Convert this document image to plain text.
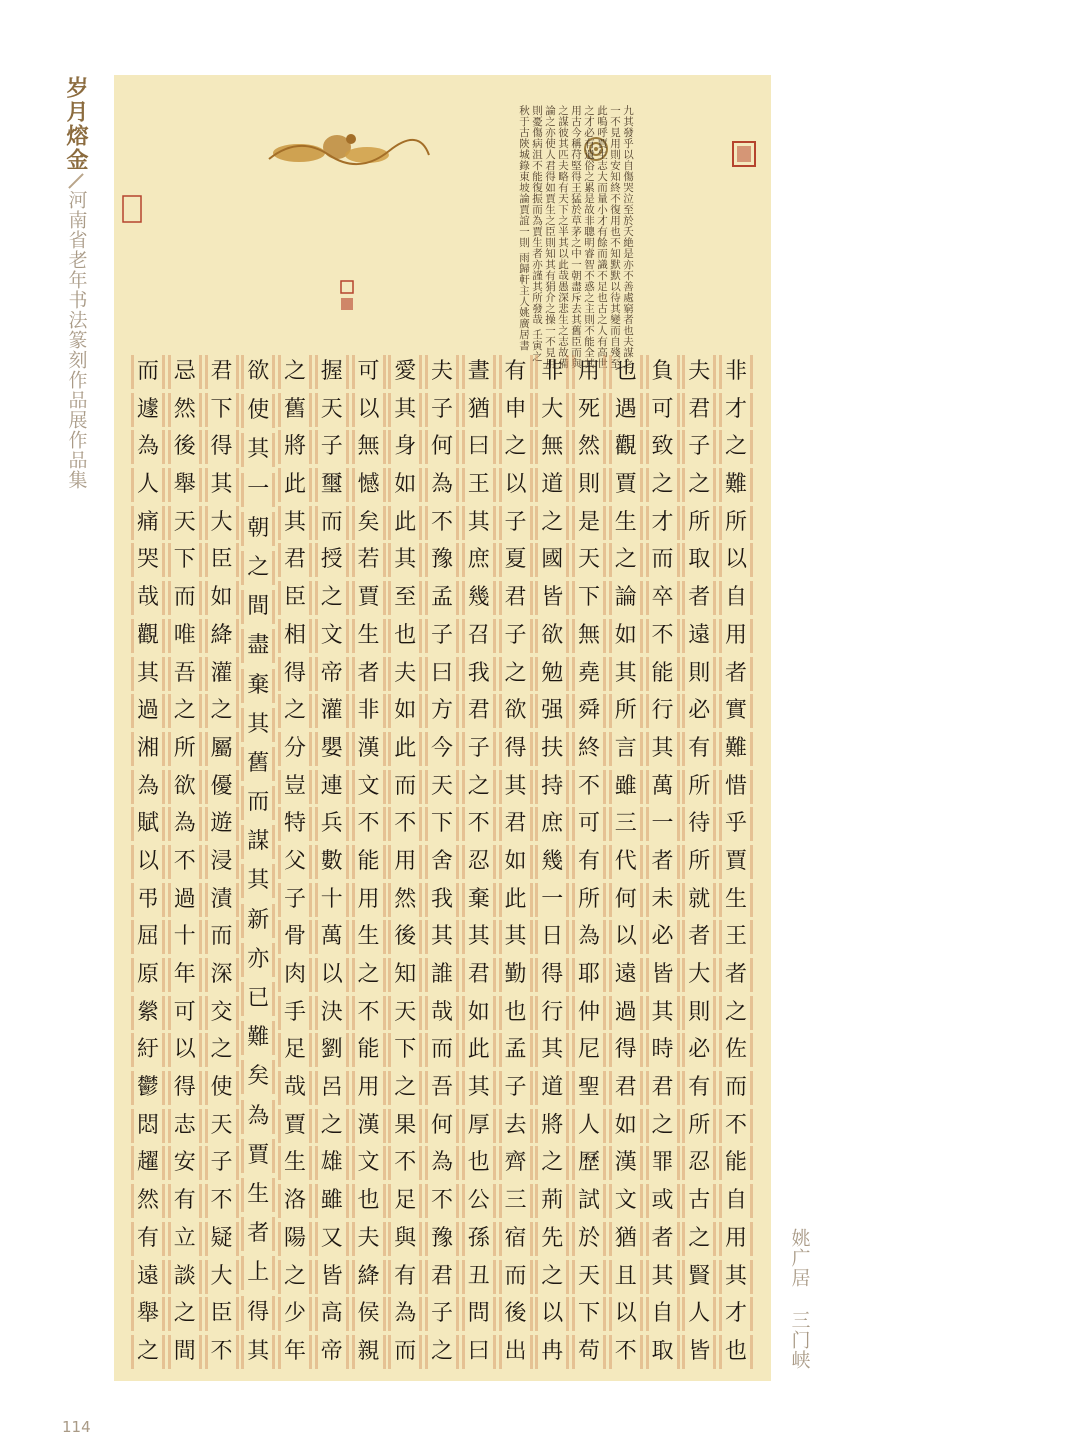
岁月熔金
河南省老年书法篆刻作品展作品集
114
九其發乎以自傷哭泣至於夭絶是亦不善處窮者也夫謀之一不見用則安知終不復用也不知默默以待其變而自殘至此嗚呼賈生志大而量小才有餘而識不足也古之人有高世之才必有遺俗之累是故非聰明睿智不惑之主則不能全其用古今稱苻堅得王猛於草茅之中一朝盡斥去其舊臣而與之謀彼其匹夫略有天下之半其以此哉愚深悲生之志故備論之亦使人君得如賈生之臣則知其有狷介之操一不見用則憂傷病沮不能復振而為賈生者亦謹其所發哉 壬寅之秋于古陝城錄東坡論賈誼一則 雨歸軒主人姚廣居書
非
才
之
難
所
以
自
用
者
實
難
惜
乎
賈
生
王
者
之
佐
而
不
能
自
用
其
才
也
夫
君
子
之
所
取
者
遠
則
必
有
所
待
所
就
者
大
則
必
有
所
忍
古
之
賢
人
皆
負
可
致
之
才
而
卒
不
能
行
其
萬
一
者
未
必
皆
其
時
君
之
罪
或
者
其
自
取
也
遇
觀
賈
生
之
論
如
其
所
言
雖
三
代
何
以
遠
過
得
君
如
漢
文
猶
且
以
不
用
死
然
則
是
天
下
無
堯
舜
終
不
可
有
所
為
耶
仲
尼
聖
人
歷
試
於
天
下
苟
非
大
無
道
之
國
皆
欲
勉
强
扶
持
庶
幾
一
日
得
行
其
道
將
之
荊
先
之
以
冉
有
申
之
以
子
夏
君
子
之
欲
得
其
君
如
此
其
勤
也
孟
子
去
齊
三
宿
而
後
出
晝
猶
曰
王
其
庶
幾
召
我
君
子
之
不
忍
棄
其
君
如
此
其
厚
也
公
孫
丑
問
曰
夫
子
何
為
不
豫
孟
子
曰
方
今
天
下
舍
我
其
誰
哉
而
吾
何
為
不
豫
君
子
之
愛
其
身
如
此
其
至
也
夫
如
此
而
不
用
然
後
知
天
下
之
果
不
足
與
有
為
而
可
以
無
憾
矣
若
賈
生
者
非
漢
文
不
能
用
生
之
不
能
用
漢
文
也
夫
絳
侯
親
握
天
子
璽
而
授
之
文
帝
灌
嬰
連
兵
數
十
萬
以
決
劉
呂
之
雄
雖
又
皆
高
帝
之
舊
將
此
其
君
臣
相
得
之
分
豈
特
父
子
骨
肉
手
足
哉
賈
生
洛
陽
之
少
年
欲
使
其
一
朝
之
間
盡
棄
其
舊
而
謀
其
新
亦
已
難
矣
為
賈
生
者
上
得
其
君
下
得
其
大
臣
如
絳
灌
之
屬
優
遊
浸
漬
而
深
交
之
使
天
子
不
疑
大
臣
不
忌
然
後
舉
天
下
而
唯
吾
之
所
欲
為
不
過
十
年
可
以
得
志
安
有
立
談
之
間
而
遽
為
人
痛
哭
哉
觀
其
過
湘
為
賦
以
弔
屈
原
縈
紆
鬱
悶
趯
然
有
遠
舉
之
姚广居
三门峡
